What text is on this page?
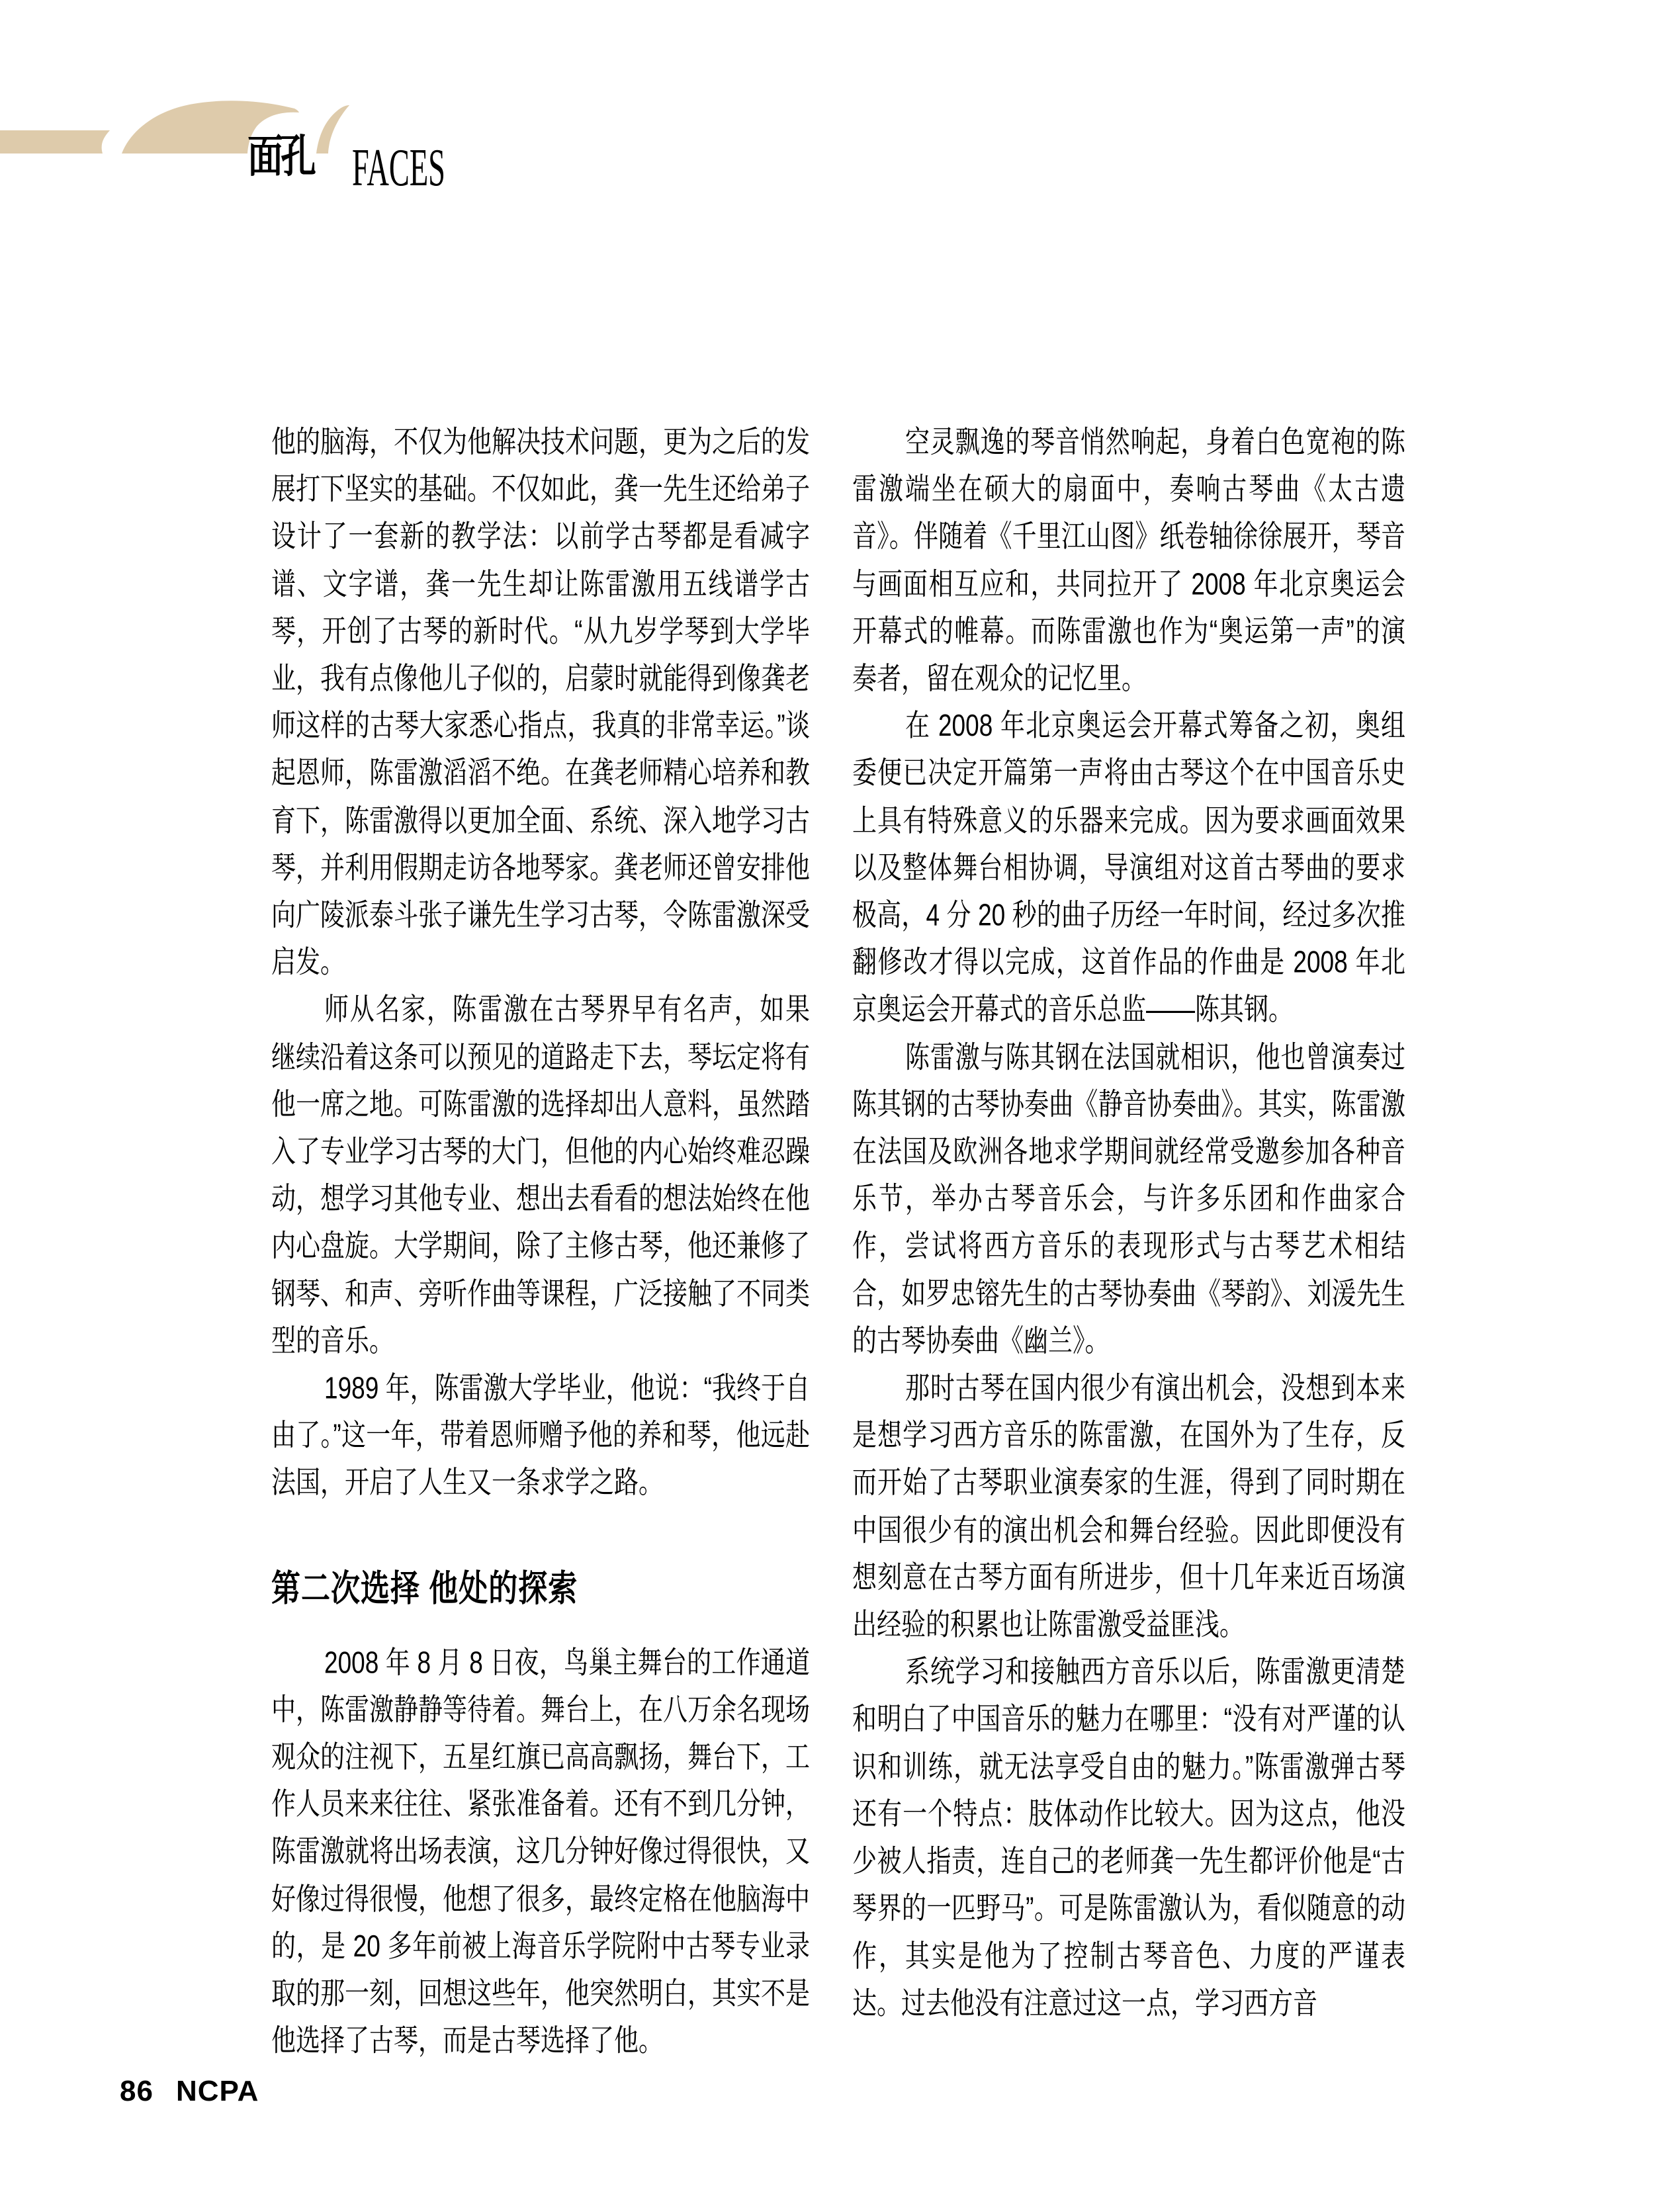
面孔 FACES

他的脑海，不仅为他解决技术问题，更为之后的发展打下坚实的基础。不仅如此，龚一先生还给弟子设计了一套新的教学法：以前学古琴都是看减字谱、文字谱，龚一先生却让陈雷激用五线谱学古琴，开创了古琴的新时代。“从九岁学琴到大学毕业，我有点像他儿子似的，启蒙时就能得到像龚老师这样的古琴大家悉心指点，我真的非常幸运。”谈起恩师，陈雷激滔滔不绝。在龚老师精心培养和教育下，陈雷激得以更加全面、系统、深入地学习古琴，并利用假期走访各地琴家。龚老师还曾安排他向广陵派泰斗张子谦先生学习古琴，令陈雷激深受启发。

师从名家，陈雷激在古琴界早有名声，如果继续沿着这条可以预见的道路走下去，琴坛定将有他一席之地。可陈雷激的选择却出人意料，虽然踏入了专业学习古琴的大门，但他的内心始终难忍躁动，想学习其他专业、想出去看看的想法始终在他内心盘旋。大学期间，除了主修古琴，他还兼修了钢琴、和声、旁听作曲等课程，广泛接触了不同类型的音乐。

1989 年，陈雷激大学毕业，他说：“我终于自由了。”这一年，带着恩师赠予他的养和琴，他远赴法国，开启了人生又一条求学之路。

第二次选择 他处的探索

2008 年 8 月 8 日夜，鸟巢主舞台的工作通道中，陈雷激静静等待着。舞台上，在八万余名现场观众的注视下，五星红旗已高高飘扬，舞台下，工作人员来来往往、紧张准备着。还有不到几分钟，陈雷激就将出场表演，这几分钟好像过得很快，又好像过得很慢，他想了很多，最终定格在他脑海中的，是 20 多年前被上海音乐学院附中古琴专业录取的那一刻，回想这些年，他突然明白，其实不是他选择了古琴，而是古琴选择了他。

空灵飘逸的琴音悄然响起，身着白色宽袍的陈雷激端坐在硕大的扇面中，奏响古琴曲《太古遗音》。伴随着《千里江山图》纸卷轴徐徐展开，琴音与画面相互应和，共同拉开了 2008 年北京奥运会开幕式的帷幕。而陈雷激也作为“奥运第一声”的演奏者，留在观众的记忆里。

在 2008 年北京奥运会开幕式筹备之初，奥组委便已决定开篇第一声将由古琴这个在中国音乐史上具有特殊意义的乐器来完成。因为要求画面效果以及整体舞台相协调，导演组对这首古琴曲的要求极高，4 分 20 秒的曲子历经一年时间，经过多次推翻修改才得以完成，这首作品的作曲是 2008 年北京奥运会开幕式的音乐总监——陈其钢。

陈雷激与陈其钢在法国就相识，他也曾演奏过陈其钢的古琴协奏曲《静音协奏曲》。其实，陈雷激在法国及欧洲各地求学期间就经常受邀参加各种音乐节，举办古琴音乐会，与许多乐团和作曲家合作，尝试将西方音乐的表现形式与古琴艺术相结合，如罗忠镕先生的古琴协奏曲《琴韵》、刘湲先生的古琴协奏曲《幽兰》。

那时古琴在国内很少有演出机会，没想到本来是想学习西方音乐的陈雷激，在国外为了生存，反而开始了古琴职业演奏家的生涯，得到了同时期在中国很少有的演出机会和舞台经验。因此即便没有想刻意在古琴方面有所进步，但十几年来近百场演出经验的积累也让陈雷激受益匪浅。

系统学习和接触西方音乐以后，陈雷激更清楚和明白了中国音乐的魅力在哪里：“没有对严谨的认识和训练，就无法享受自由的魅力。”陈雷激弹古琴还有一个特点：肢体动作比较大。因为这点，他没少被人指责，连自己的老师龚一先生都评价他是“古琴界的一匹野马”。可是陈雷激认为，看似随意的动作，其实是他为了控制古琴音色、力度的严谨表达。过去他没有注意过这一点，学习西方音

86 NCPA
